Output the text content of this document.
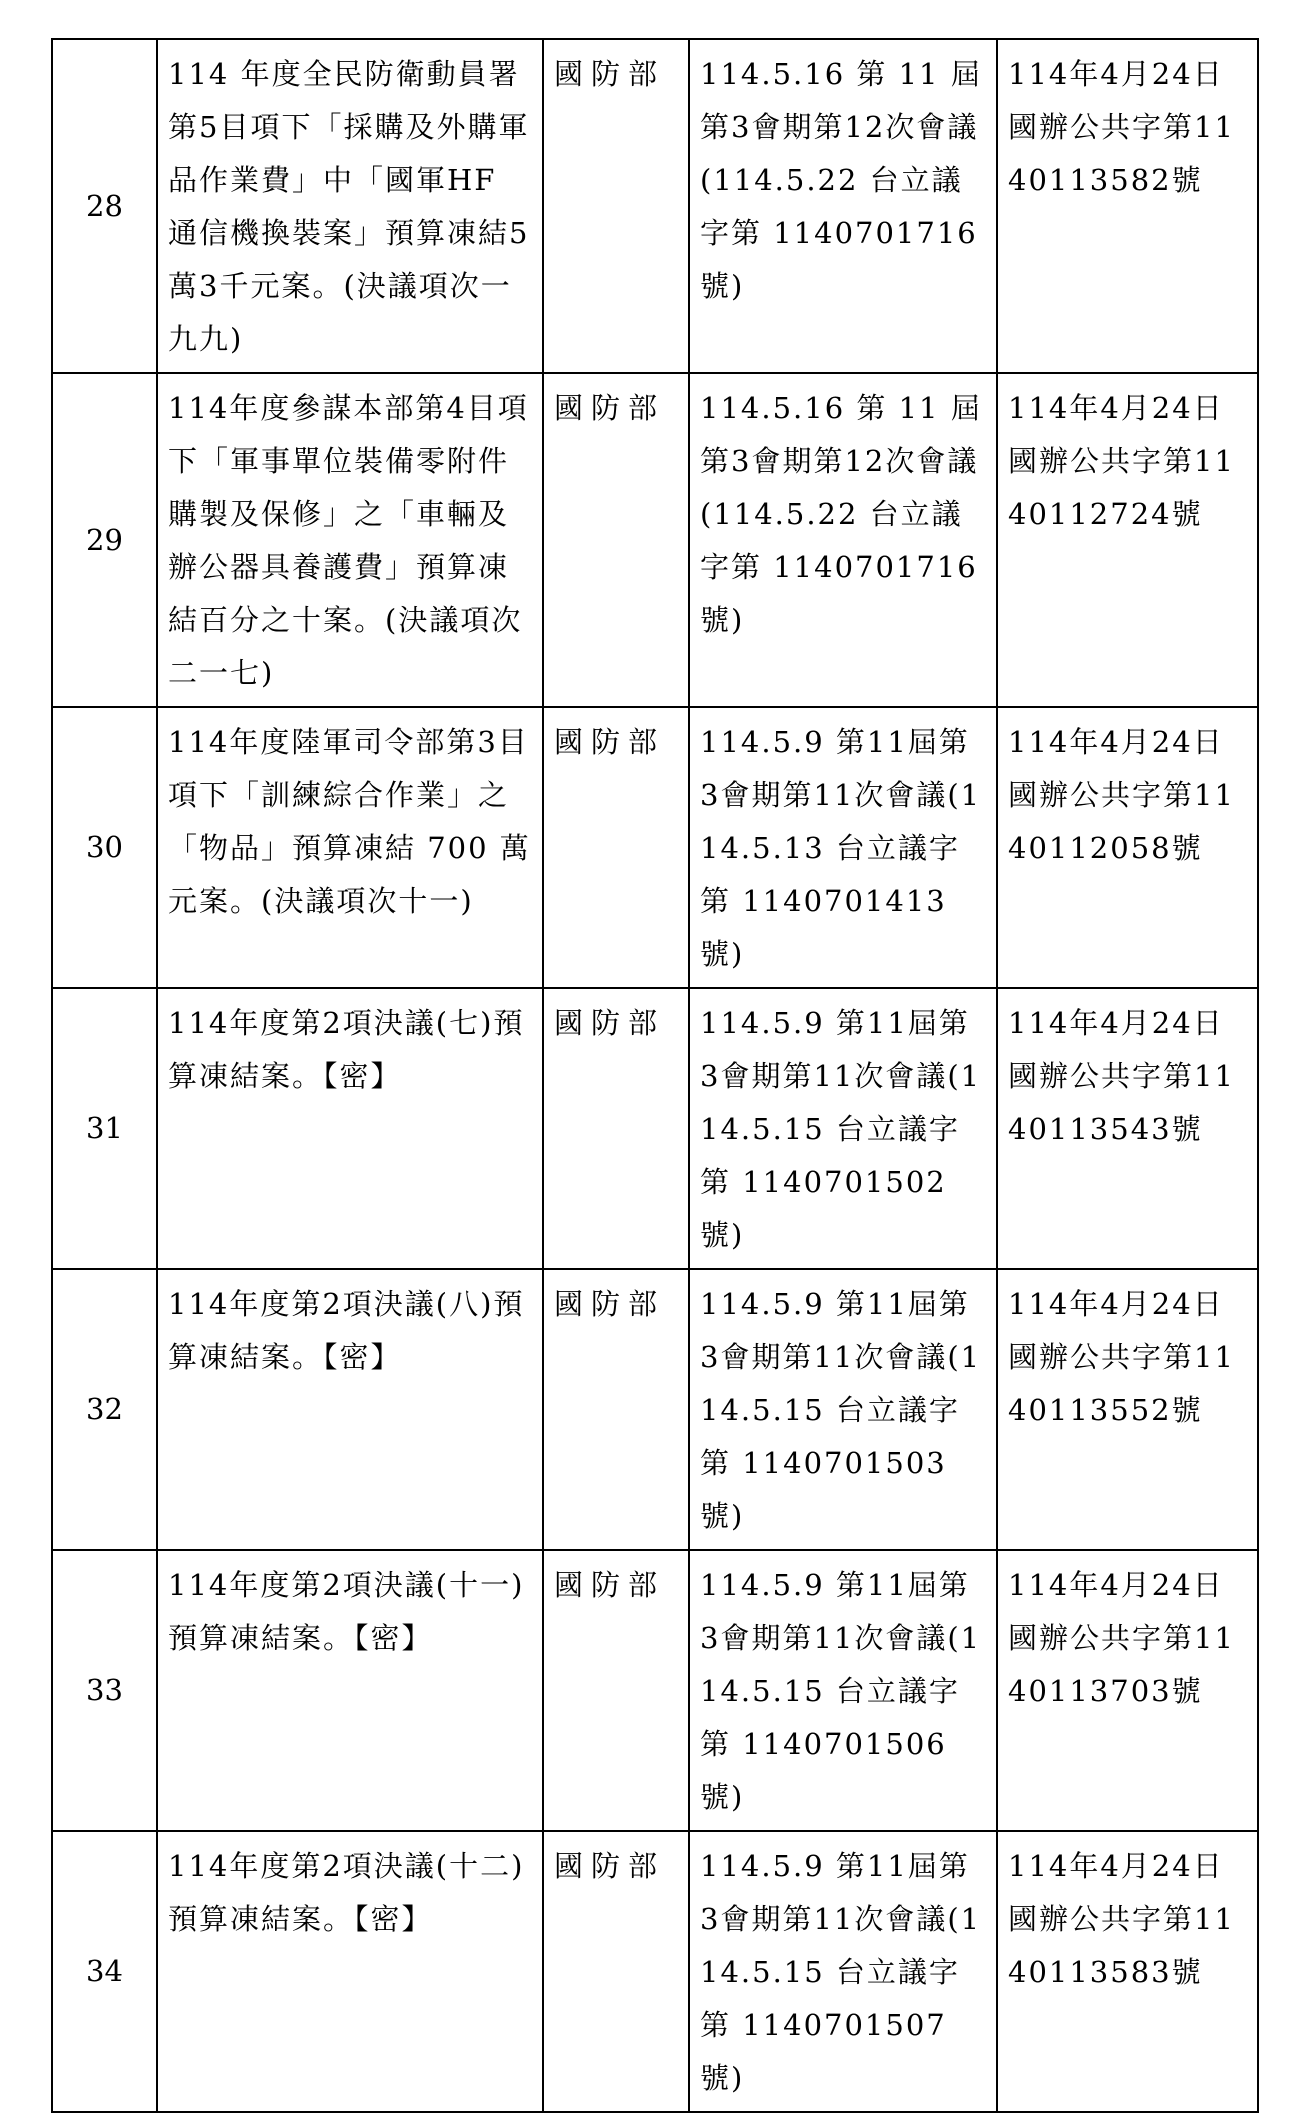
28	114 年度全民防衛動員署第5目項下「採購及外購軍品作業費」中「國軍HF 通信機換裝案」預算凍結5萬3千元案。(決議項次一九九)	國防部	114.5.16 第 11 屆第3會期第12次會議(114.5.22 台立議字第 1140701716 號)	114年4月24日國辦公共字第1140113582號
29	114年度參謀本部第4目項下「軍事單位裝備零附件購製及保修」之「車輛及辦公器具養護費」預算凍結百分之十案。(決議項次二一七)	國防部	114.5.16 第 11 屆第3會期第12次會議(114.5.22 台立議字第 1140701716 號)	114年4月24日國辦公共字第1140112724號
30	114年度陸軍司令部第3目項下「訓練綜合作業」之「物品」預算凍結 700 萬元案。(決議項次十一)	國防部	114.5.9 第11屆第3會期第11次會議(114.5.13 台立議字第 1140701413 號)	114年4月24日國辦公共字第1140112058號
31	114年度第2項決議(七)預算凍結案。【密】	國防部	114.5.9 第11屆第3會期第11次會議(114.5.15 台立議字第 1140701502 號)	114年4月24日國辦公共字第1140113543號
32	114年度第2項決議(八)預算凍結案。【密】	國防部	114.5.9 第11屆第3會期第11次會議(114.5.15 台立議字第 1140701503 號)	114年4月24日國辦公共字第1140113552號
33	114年度第2項決議(十一)預算凍結案。【密】	國防部	114.5.9 第11屆第3會期第11次會議(114.5.15 台立議字第 1140701506 號)	114年4月24日國辦公共字第1140113703號
34	114年度第2項決議(十二)預算凍結案。【密】	國防部	114.5.9 第11屆第3會期第11次會議(114.5.15 台立議字第 1140701507 號)	114年4月24日國辦公共字第1140113583號
